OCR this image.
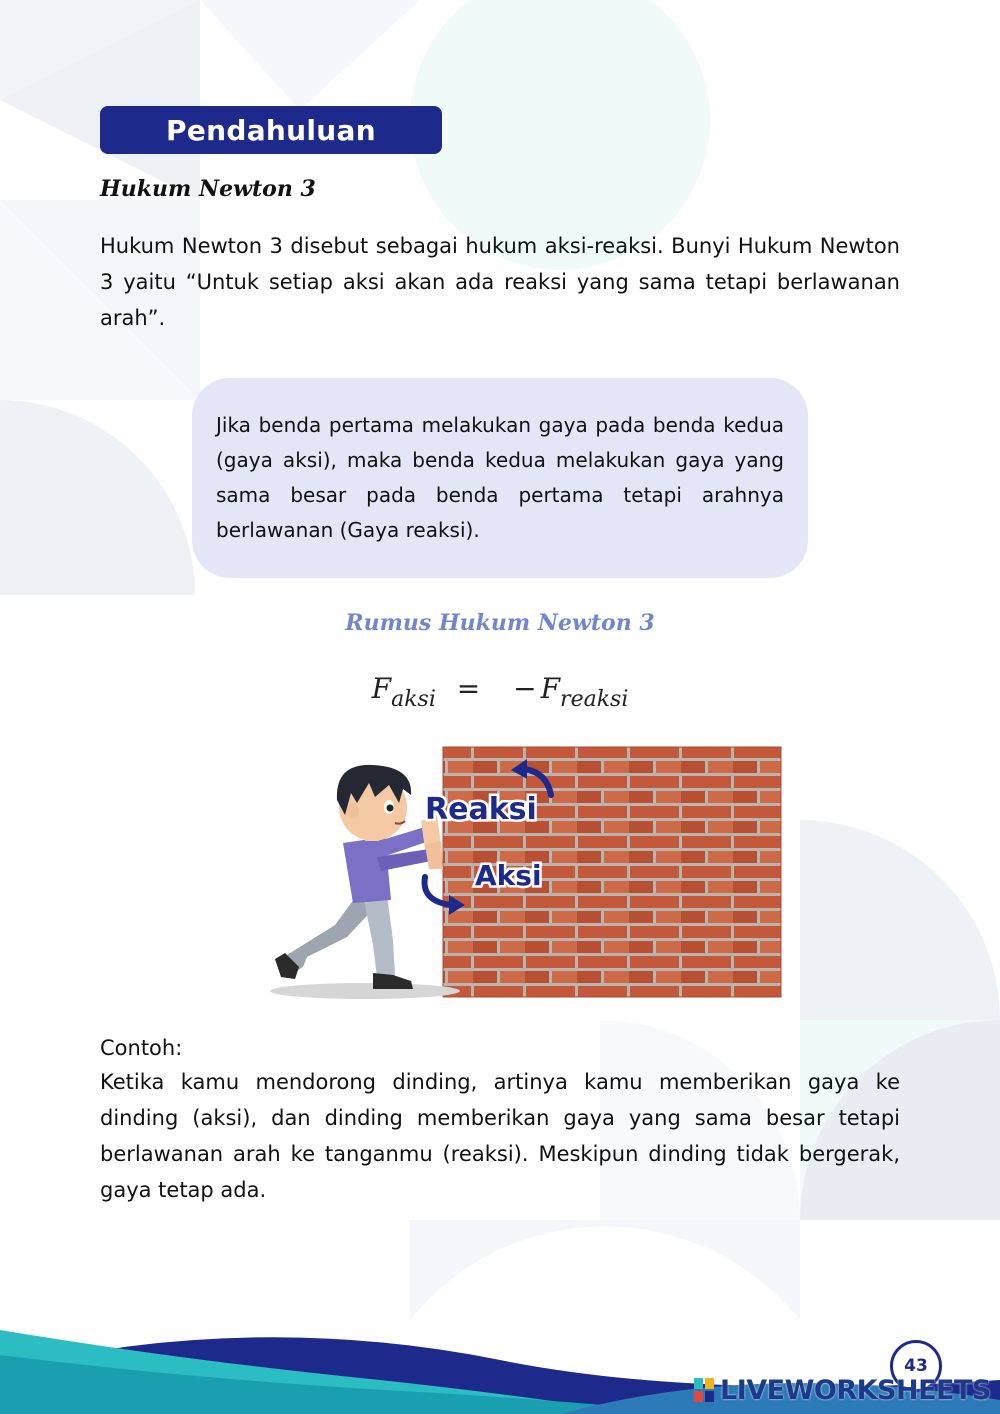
Pendahuluan
Hukum Newton 3
Hukum Newton 3 disebut sebagai hukum aksi-reaksi. Bunyi Hukum Newton 3 yaitu “Untuk setiap aksi akan ada reaksi yang sama tetapi berlawanan arah”.
Jika benda pertama melakukan gaya pada benda kedua (gaya aksi), maka benda kedua melakukan gaya yang sama besar pada benda pertama tetapi arahnya berlawanan (Gaya reaksi).
Rumus Hukum Newton 3
$F_{aksi}$ = − $F_{reaksi}$
Reaksi
Aksi
Contoh:
Ketika kamu mendorong dinding, artinya kamu memberikan gaya ke dinding (aksi), dan dinding memberikan gaya yang sama besar tetapi berlawanan arah ke tanganmu (reaksi). Meskipun dinding tidak bergerak, gaya tetap ada.
43
LIVEWORKSHEETS
